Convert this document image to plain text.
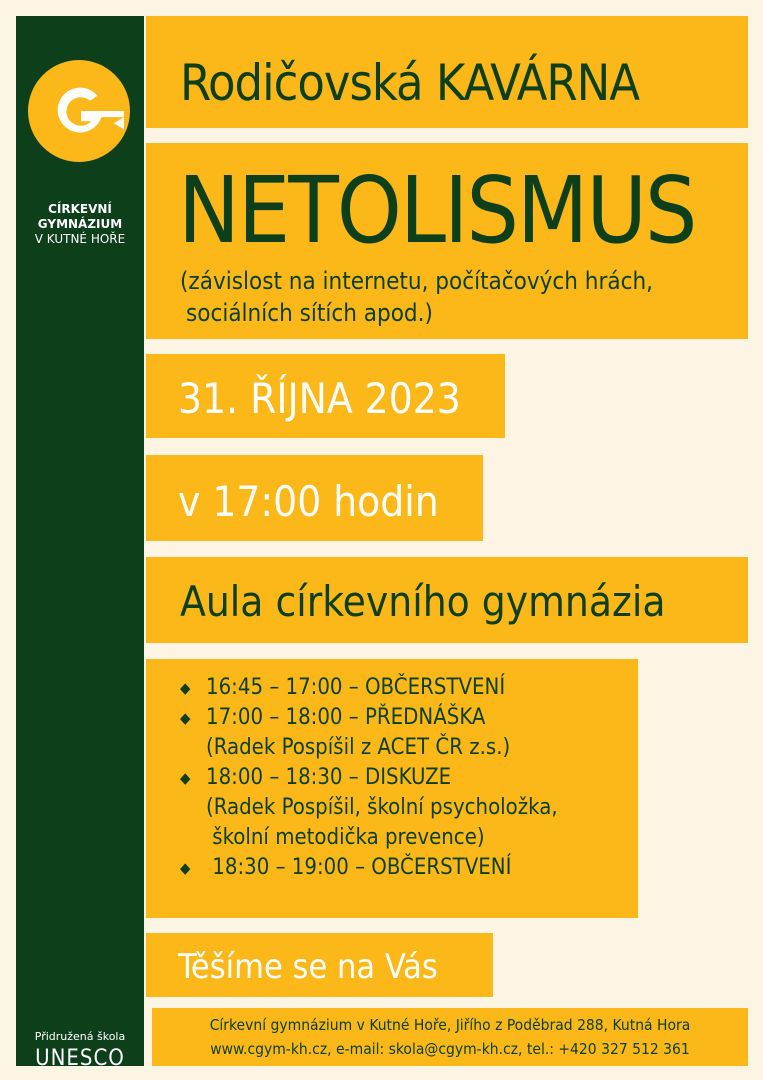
CÍRKEVNÍ
GYMNÁZIUM
V KUTNÉ HOŘE
Přidružená škola
UNESCO
Rodičovská KAVÁRNA
NETOLISMUS
(závislost na internetu, počítačových hrách,
sociálních sítích apod.)
31. ŘÍJNA 2023
v 17:00 hodin
Aula církevního gymnázia
◆ 16:45 – 17:00 – OBČERSTVENÍ
◆ 17:00 – 18:00 – PŘEDNÁŠKA
(Radek Pospíšil z ACET ČR z.s.)
◆ 18:00 – 18:30 – DISKUZE
(Radek Pospíšil, školní psycholožka,
školní metodička prevence)
◆ 18:30 – 19:00 – OBČERSTVENÍ
Těšíme se na Vás
Církevní gymnázium v Kutné Hoře, Jiřího z Poděbrad 288, Kutná Hora
www.cgym-kh.cz, e-mail: skola@cgym-kh.cz, tel.: +420 327 512 361
